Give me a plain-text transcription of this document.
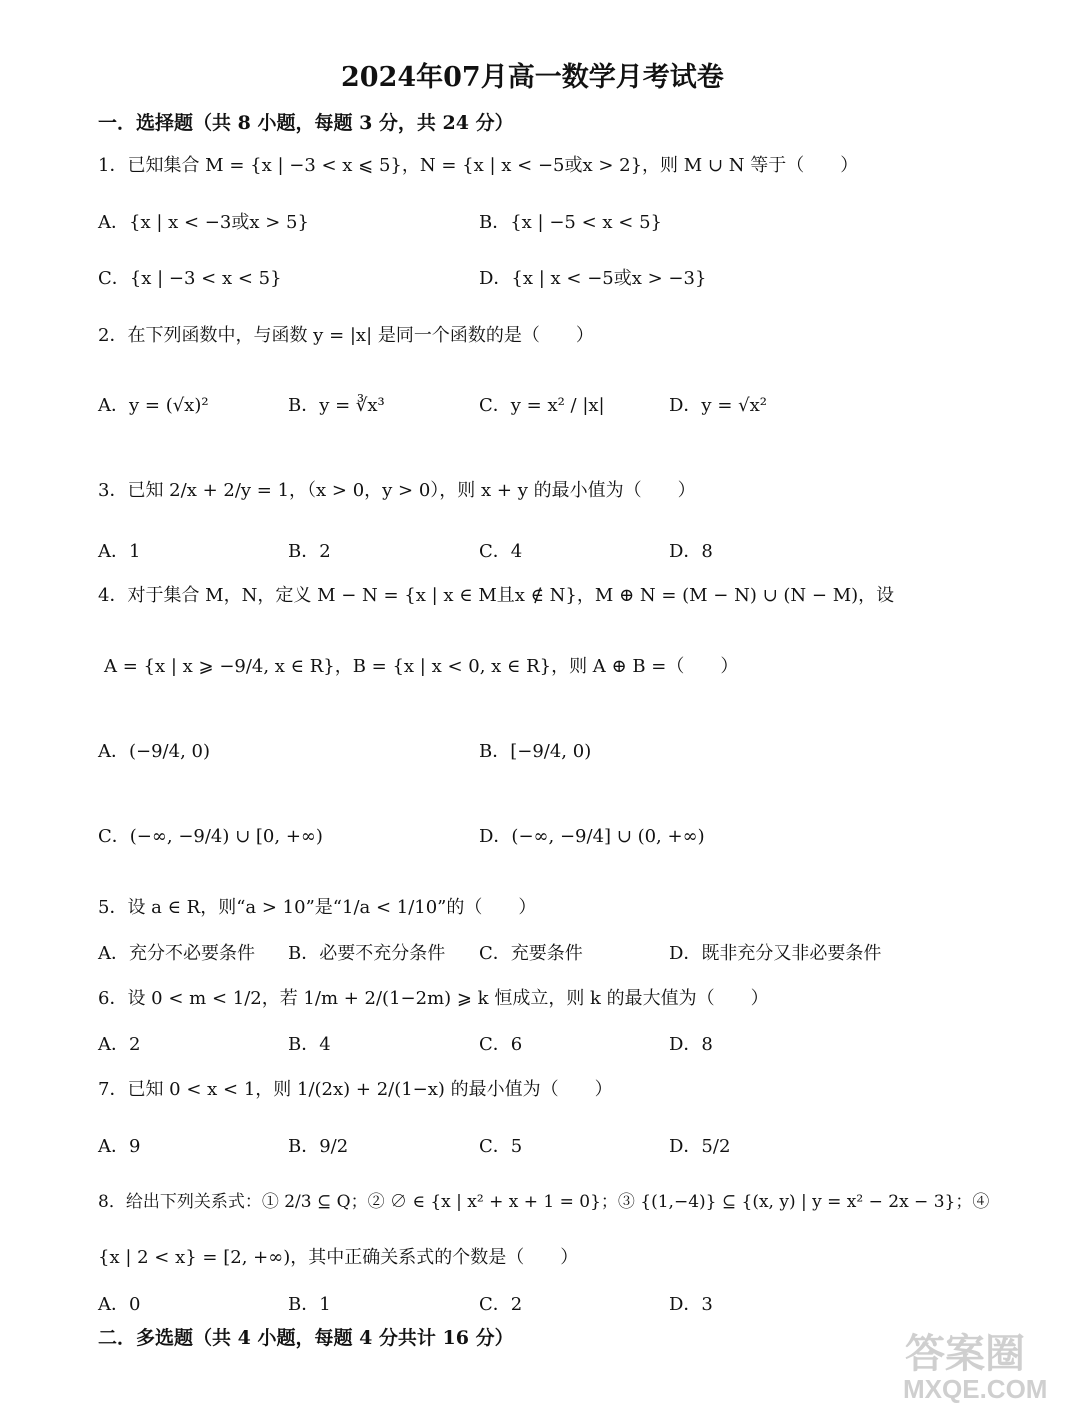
2024年07月高一数学月考试卷
一．选择题（共 8 小题，每题 3 分，共 24 分）
1．已知集合 M = {x | −3 < x ⩽ 5}，N = {x | x < −5或x > 2}，则 M ∪ N 等于（　　）
A．{x | x < −3或x > 5}	B．{x | −5 < x < 5}
C．{x | −3 < x < 5}	D．{x | x < −5或x > −3}
2．在下列函数中，与函数 y = |x| 是同一个函数的是（　　）
A．y = (√x)²	B．y = ∛x³	C．y = x² / |x|	D．y = √x²
3．已知 2/x + 2/y = 1，（x > 0，y > 0），则 x + y 的最小值为（　　）
A．1	B．2	C．4	D．8
4．对于集合 M，N，定义 M − N = {x | x ∈ M且x ∉ N}，M ⊕ N = (M − N) ∪ (N − M)，设
A = {x | x ⩾ −9/4, x ∈ R}，B = {x | x < 0, x ∈ R}，则 A ⊕ B =（　　）
A．(−9/4, 0)	B．[−9/4, 0)
C．(−∞, −9/4) ∪ [0, +∞)	D．(−∞, −9/4] ∪ (0, +∞)
5．设 a ∈ R，则“a > 10”是“1/a < 1/10”的（　　）
A．充分不必要条件 B．必要不充分条件 C．充要条件	D．既非充分又非必要条件
6．设 0 < m < 1/2，若 1/m + 2/(1−2m) ⩾ k 恒成立，则 k 的最大值为（　　）
A．2	B．4	C．6	D．8
7．已知 0 < x < 1，则 1/(2x) + 2/(1−x) 的最小值为（　　）
A．9	B．9/2	C．5	D．5/2
8．给出下列关系式：① 2/3 ⊆ Q；② ∅ ∈ {x | x² + x + 1 = 0}；③ {(1,−4)} ⊆ {(x, y) | y = x² − 2x − 3}；④
{x | 2 < x} = [2, +∞)，其中正确关系式的个数是（　　）
A．0	B．1	C．2	D．3
二．多选题（共 4 小题，每题 4 分共计 16 分）	答案圈
MXQE.COM
